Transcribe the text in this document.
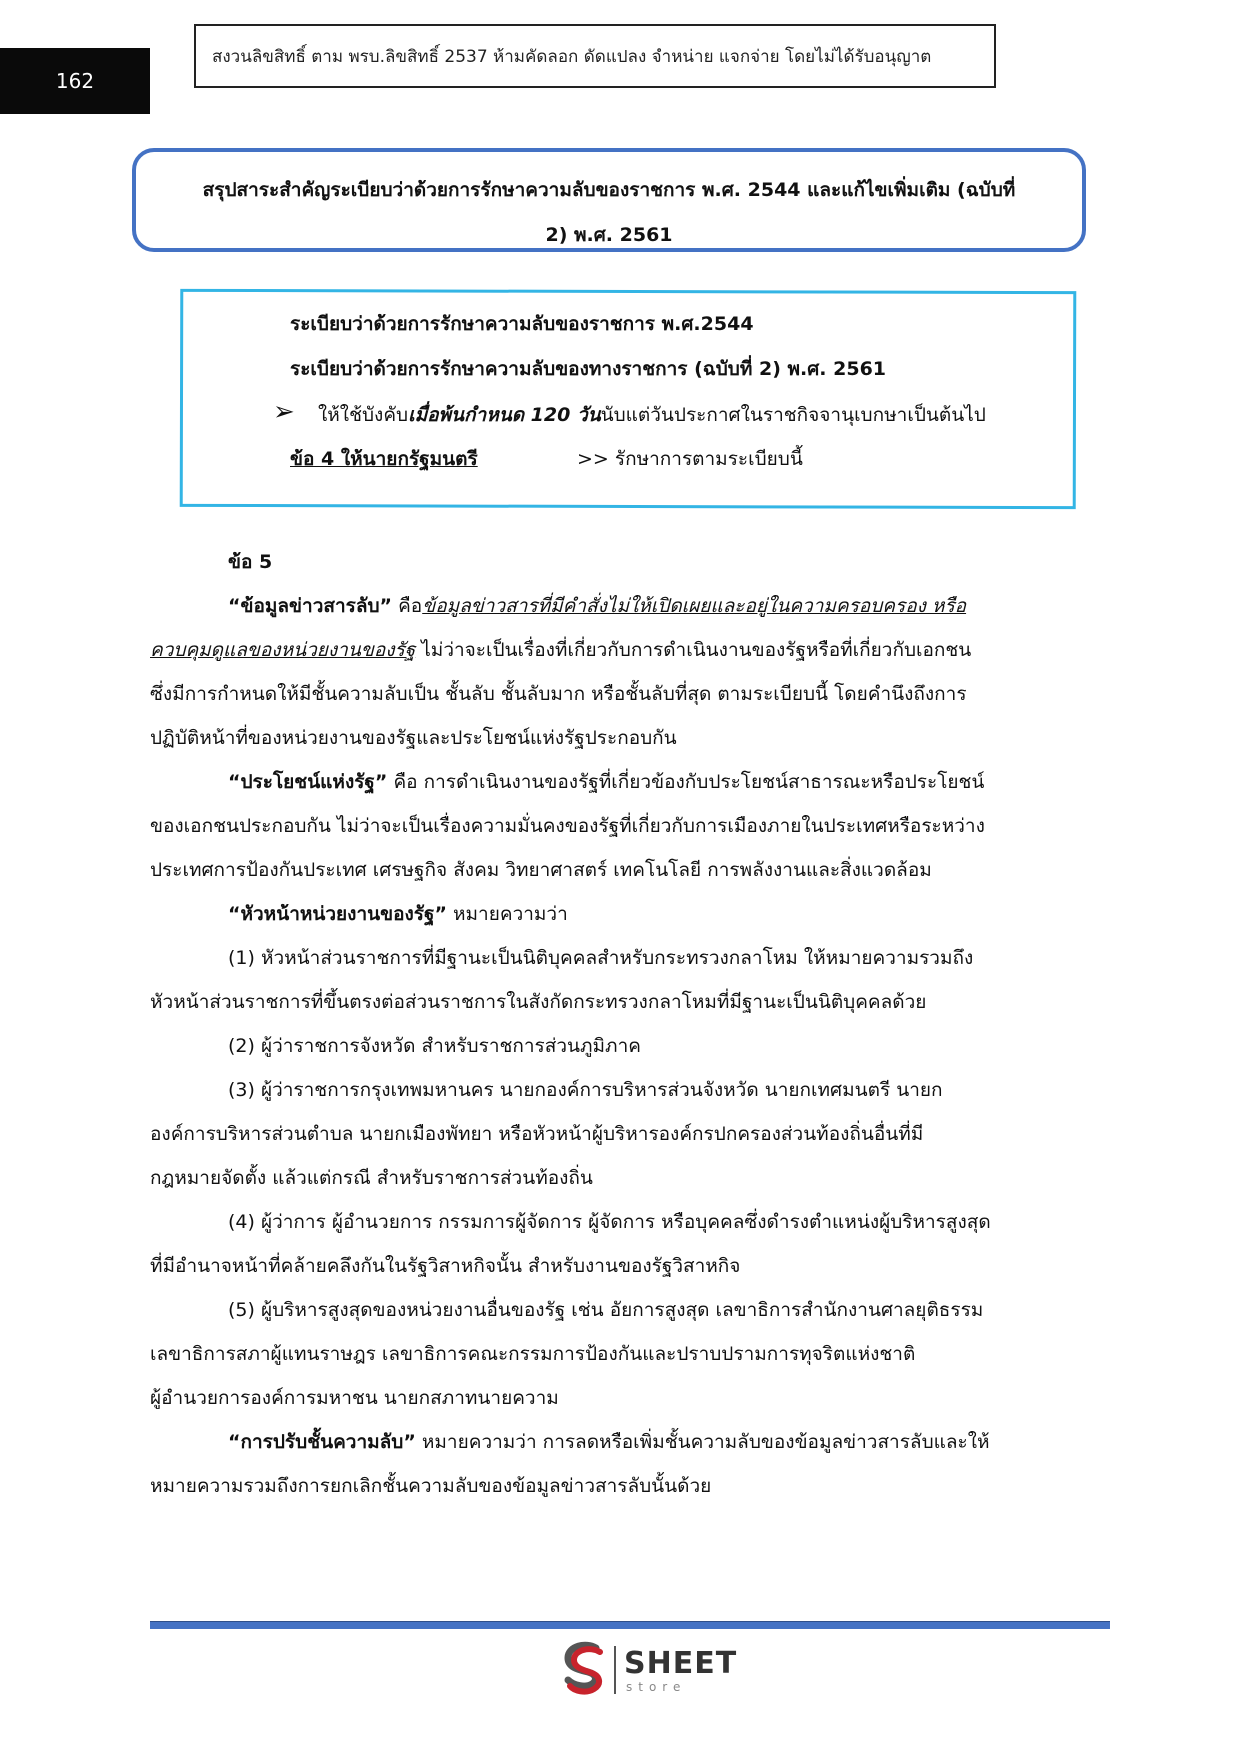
162
สงวนลิขสิทธิ์ ตาม พรบ.ลิขสิทธิ์ 2537 ห้ามคัดลอก ดัดแปลง จำหน่าย แจกจ่าย โดยไม่ได้รับอนุญาต
สรุปสาระสำคัญระเบียบว่าด้วยการรักษาความลับของราชการ พ.ศ. 2544 และแก้ไขเพิ่มเติม (ฉบับที่
2) พ.ศ. 2561
ระเบียบว่าด้วยการรักษาความลับของราชการ พ.ศ.2544
ระเบียบว่าด้วยการรักษาความลับของทางราชการ (ฉบับที่ 2) พ.ศ. 2561
➢ ให้ใช้บังคับเมื่อพ้นกำหนด 120 วันนับแต่วันประกาศในราชกิจจานุเบกษาเป็นต้นไป
ข้อ 4 ให้นายกรัฐมนตรี	>> รักษาการตามระเบียบนี้
ข้อ 5
“ข้อมูลข่าวสารลับ” คือข้อมูลข่าวสารที่มีคำสั่งไม่ให้เปิดเผยและอยู่ในความครอบครอง หรือ
ควบคุมดูแลของหน่วยงานของรัฐ ไม่ว่าจะเป็นเรื่องที่เกี่ยวกับการดำเนินงานของรัฐหรือที่เกี่ยวกับเอกชน
ซึ่งมีการกำหนดให้มีชั้นความลับเป็น ชั้นลับ ชั้นลับมาก หรือชั้นลับที่สุด ตามระเบียบนี้ โดยคำนึงถึงการ
ปฏิบัติหน้าที่ของหน่วยงานของรัฐและประโยชน์แห่งรัฐประกอบกัน
“ประโยชน์แห่งรัฐ” คือ การดำเนินงานของรัฐที่เกี่ยวข้องกับประโยชน์สาธารณะหรือประโยชน์
ของเอกชนประกอบกัน ไม่ว่าจะเป็นเรื่องความมั่นคงของรัฐที่เกี่ยวกับการเมืองภายในประเทศหรือระหว่าง
ประเทศการป้องกันประเทศ เศรษฐกิจ สังคม วิทยาศาสตร์ เทคโนโลยี การพลังงานและสิ่งแวดล้อม
“หัวหน้าหน่วยงานของรัฐ” หมายความว่า
(1) หัวหน้าส่วนราชการที่มีฐานะเป็นนิติบุคคลสำหรับกระทรวงกลาโหม ให้หมายความรวมถึง
หัวหน้าส่วนราชการที่ขึ้นตรงต่อส่วนราชการในสังกัดกระทรวงกลาโหมที่มีฐานะเป็นนิติบุคคลด้วย
(2) ผู้ว่าราชการจังหวัด สำหรับราชการส่วนภูมิภาค
(3) ผู้ว่าราชการกรุงเทพมหานคร นายกองค์การบริหารส่วนจังหวัด นายกเทศมนตรี นายก
องค์การบริหารส่วนตำบล นายกเมืองพัทยา หรือหัวหน้าผู้บริหารองค์กรปกครองส่วนท้องถิ่นอื่นที่มี
กฎหมายจัดตั้ง แล้วแต่กรณี สำหรับราชการส่วนท้องถิ่น
(4) ผู้ว่าการ ผู้อำนวยการ กรรมการผู้จัดการ ผู้จัดการ หรือบุคคลซึ่งดำรงตำแหน่งผู้บริหารสูงสุด
ที่มีอำนาจหน้าที่คล้ายคลึงกันในรัฐวิสาหกิจนั้น สำหรับงานของรัฐวิสาหกิจ
(5) ผู้บริหารสูงสุดของหน่วยงานอื่นของรัฐ เช่น อัยการสูงสุด เลขาธิการสำนักงานศาลยุติธรรม
เลขาธิการสภาผู้แทนราษฎร เลขาธิการคณะกรรมการป้องกันและปราบปรามการทุจริตแห่งชาติ
ผู้อำนวยการองค์การมหาชน นายกสภาทนายความ
“การปรับชั้นความลับ” หมายความว่า การลดหรือเพิ่มชั้นความลับของข้อมูลข่าวสารลับและให้
หมายความรวมถึงการยกเลิกชั้นความลับของข้อมูลข่าวสารลับนั้นด้วย
SHEET
store
